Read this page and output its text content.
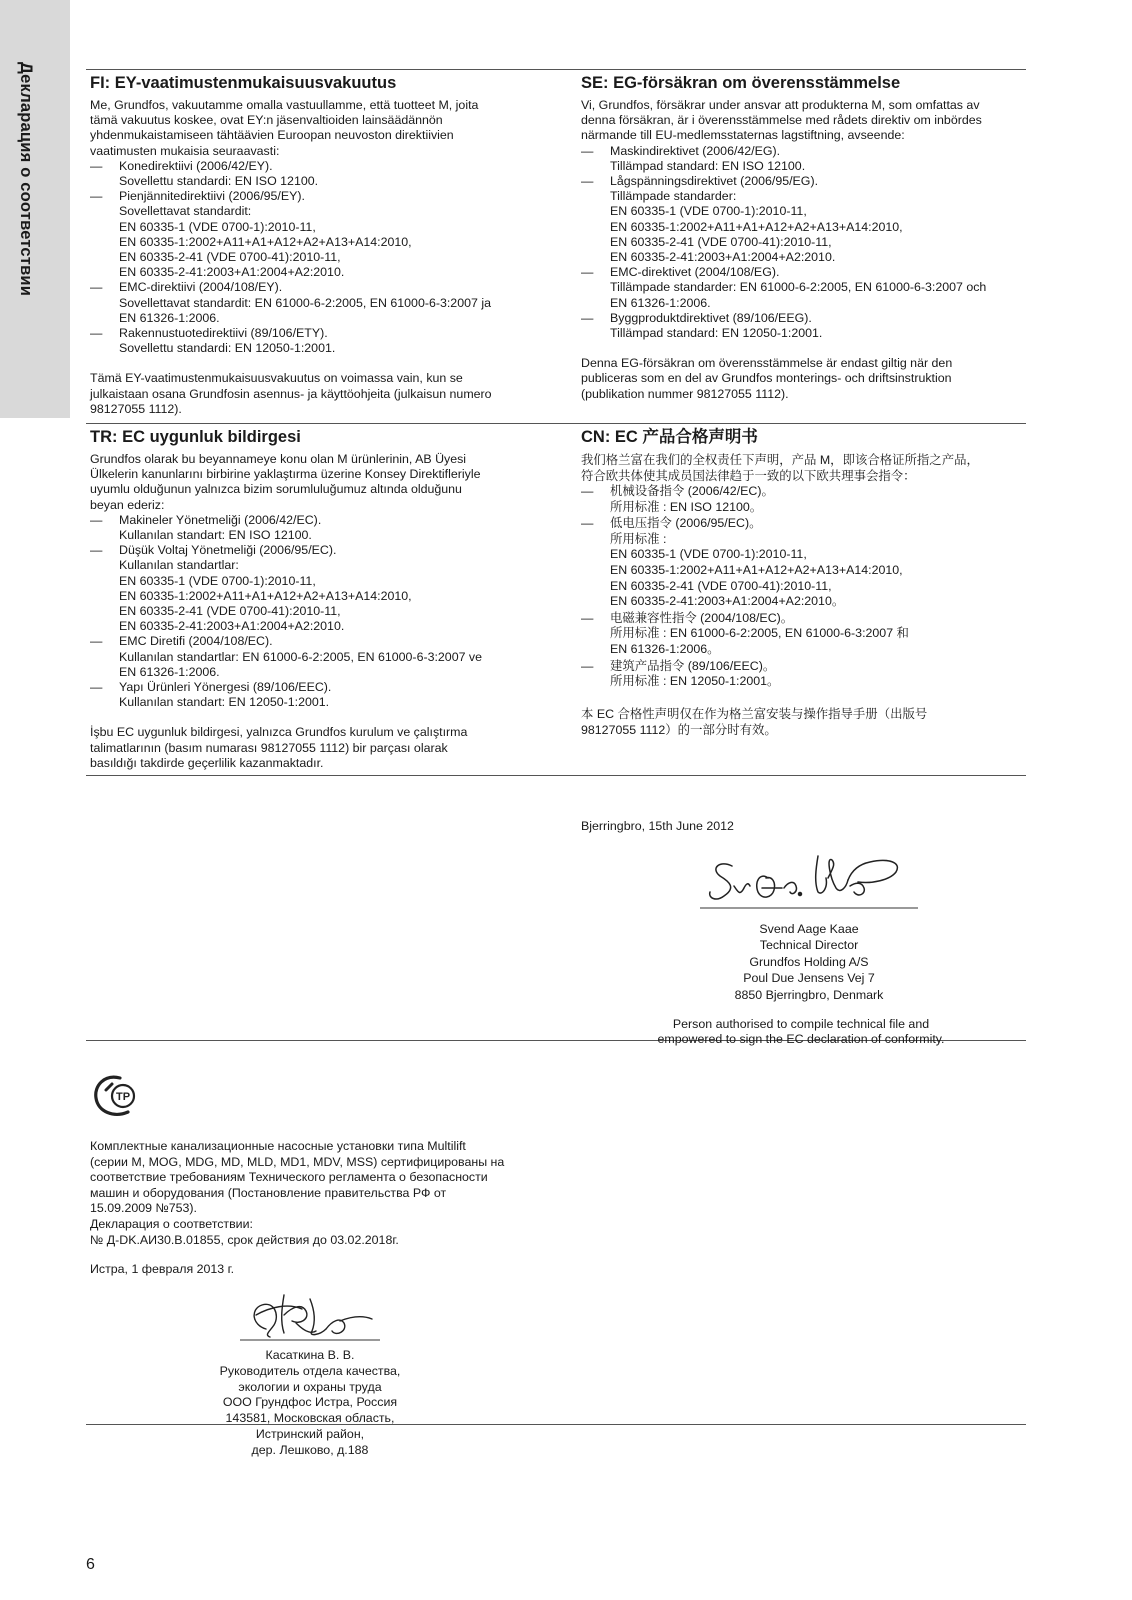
Декларация о соответствии	FI: EY-vaatimustenmukaisuusvakuutus

Me, Grundfos, vakuutamme omalla vastuullamme, että tuotteet M, joita
tämä vakuutus koskee, ovat EY:n jäsenvaltioiden lainsäädännön
yhdenmukaistamiseen tähtäävien Euroopan neuvoston direktiivien
vaatimusten mukaisia seuraavasti:

— Konedirektiivi (2006/42/EY).
Sovellettu standardi: EN ISO 12100.
— Pienjännitedirektiivi (2006/95/EY).
Sovellettavat standardit:
EN 60335-1 (VDE 0700-1):2010-11,
EN 60335-1:2002+A11+A1+A12+A2+A13+A14:2010,
EN 60335-2-41 (VDE 0700-41):2010-11,
EN 60335-2-41:2003+A1:2004+A2:2010.
— EMC-direktiivi (2004/108/EY).
Sovellettavat standardit: EN 61000-6-2:2005, EN 61000-6-3:2007 ja
EN 61326-1:2006.
— Rakennustuotedirektiivi (89/106/ETY).
Sovellettu standardi: EN 12050-1:2001.

Tämä EY-vaatimustenmukaisuusvakuutus on voimassa vain, kun se
julkaistaan osana Grundfosin asennus- ja käyttöohjeita (julkaisun numero
98127055 1112).

SE: EG-försäkran om överensstämmelse

Vi, Grundfos, försäkrar under ansvar att produkterna M, som omfattas av
denna försäkran, är i överensstämmelse med rådets direktiv om inbördes
närmande till EU-medlemsstaternas lagstiftning, avseende:

— Maskindirektivet (2006/42/EG).
Tillämpad standard: EN ISO 12100.
— Lågspänningsdirektivet (2006/95/EG).
Tillämpade standarder:
EN 60335-1 (VDE 0700-1):2010-11,
EN 60335-1:2002+A11+A1+A12+A2+A13+A14:2010,
EN 60335-2-41 (VDE 0700-41):2010-11,
EN 60335-2-41:2003+A1:2004+A2:2010.
— EMC-direktivet (2004/108/EG).
Tillämpade standarder: EN 61000-6-2:2005, EN 61000-6-3:2007 och
EN 61326-1:2006.
— Byggproduktdirektivet (89/106/EEG).
Tillämpad standard: EN 12050-1:2001.

Denna EG-försäkran om överensstämmelse är endast giltig när den
publiceras som en del av Grundfos monterings- och driftsinstruktion
(publikation nummer 98127055 1112).

TR: EC uygunluk bildirgesi

Grundfos olarak bu beyannameye konu olan M ürünlerinin, AB Üyesi
Ülkelerin kanunlarını birbirine yaklaştırma üzerine Konsey Direktifleriyle
uyumlu olduğunun yalnızca bizim sorumluluğumuz altında olduğunu
beyan ederiz:

— Makineler Yönetmeliği (2006/42/EC).
Kullanılan standart: EN ISO 12100.
— Düşük Voltaj Yönetmeliği (2006/95/EC).
Kullanılan standartlar:
EN 60335-1 (VDE 0700-1):2010-11,
EN 60335-1:2002+A11+A1+A12+A2+A13+A14:2010,
EN 60335-2-41 (VDE 0700-41):2010-11,
EN 60335-2-41:2003+A1:2004+A2:2010.
— EMC Diretifi (2004/108/EC).
Kullanılan standartlar: EN 61000-6-2:2005, EN 61000-6-3:2007 ve
EN 61326-1:2006.
— Yapı Ürünleri Yönergesi (89/106/EEC).
Kullanılan standart: EN 12050-1:2001.

İşbu EC uygunluk bildirgesi, yalnızca Grundfos kurulum ve çalıştırma
talimatlarının (basım numarası 98127055 1112) bir parçası olarak
basıldığı takdirde geçerlilik kazanmaktadır.

CN: EC 产品合格声明书

我们格兰富在我们的全权责任下声明，产品 M，即该合格证所指之产品，
符合欧共体使其成员国法律趋于一致的以下欧共理事会指令：

— 机械设备指令 (2006/42/EC)。
所用标准 : EN ISO 12100。
— 低电压指令 (2006/95/EC)。
所用标准 :
EN 60335-1 (VDE 0700-1):2010-11,
EN 60335-1:2002+A11+A1+A12+A2+A13+A14:2010,
EN 60335-2-41 (VDE 0700-41):2010-11,
EN 60335-2-41:2003+A1:2004+A2:2010。
— 电磁兼容性指令 (2004/108/EC)。
所用标准 : EN 61000-6-2:2005, EN 61000-6-3:2007 和
EN 61326-1:2006。
— 建筑产品指令 (89/106/EEC)。
所用标准 : EN 12050-1:2001。

本 EC 合格性声明仅在作为格兰富安装与操作指导手册（出版号
98127055 1112）的一部分时有效。

Bjerringbro, 15th June 2012
Svend Aage Kaae
Technical Director
Grundfos Holding A/S
Poul Due Jensens Vej 7
8850 Bjerringbro, Denmark
Person authorised to compile technical file and
empowered to sign the EC declaration of conformity.
ТР

Комплектные канализационные насосные установки типа Multilift
(серии M, MOG, MDG, MD, MLD, MD1, MDV, MSS) сертифицированы на
соответствие требованиям Технического регламента о безопасности
машин и оборудования (Постановление правительства РФ от
15.09.2009 №753).
Декларация о соответствии:
№ Д-DK.АИ30.В.01855, срок действия до 03.02.2018г.

Истра, 1 февраля 2013 г.

Касаткина В. В.
Руководитель отдела качества,
экологии и охраны труда
ООО Грундфос Истра, Россия
143581, Московская область,
Истринский район,
дер. Лешково, д.188
6
